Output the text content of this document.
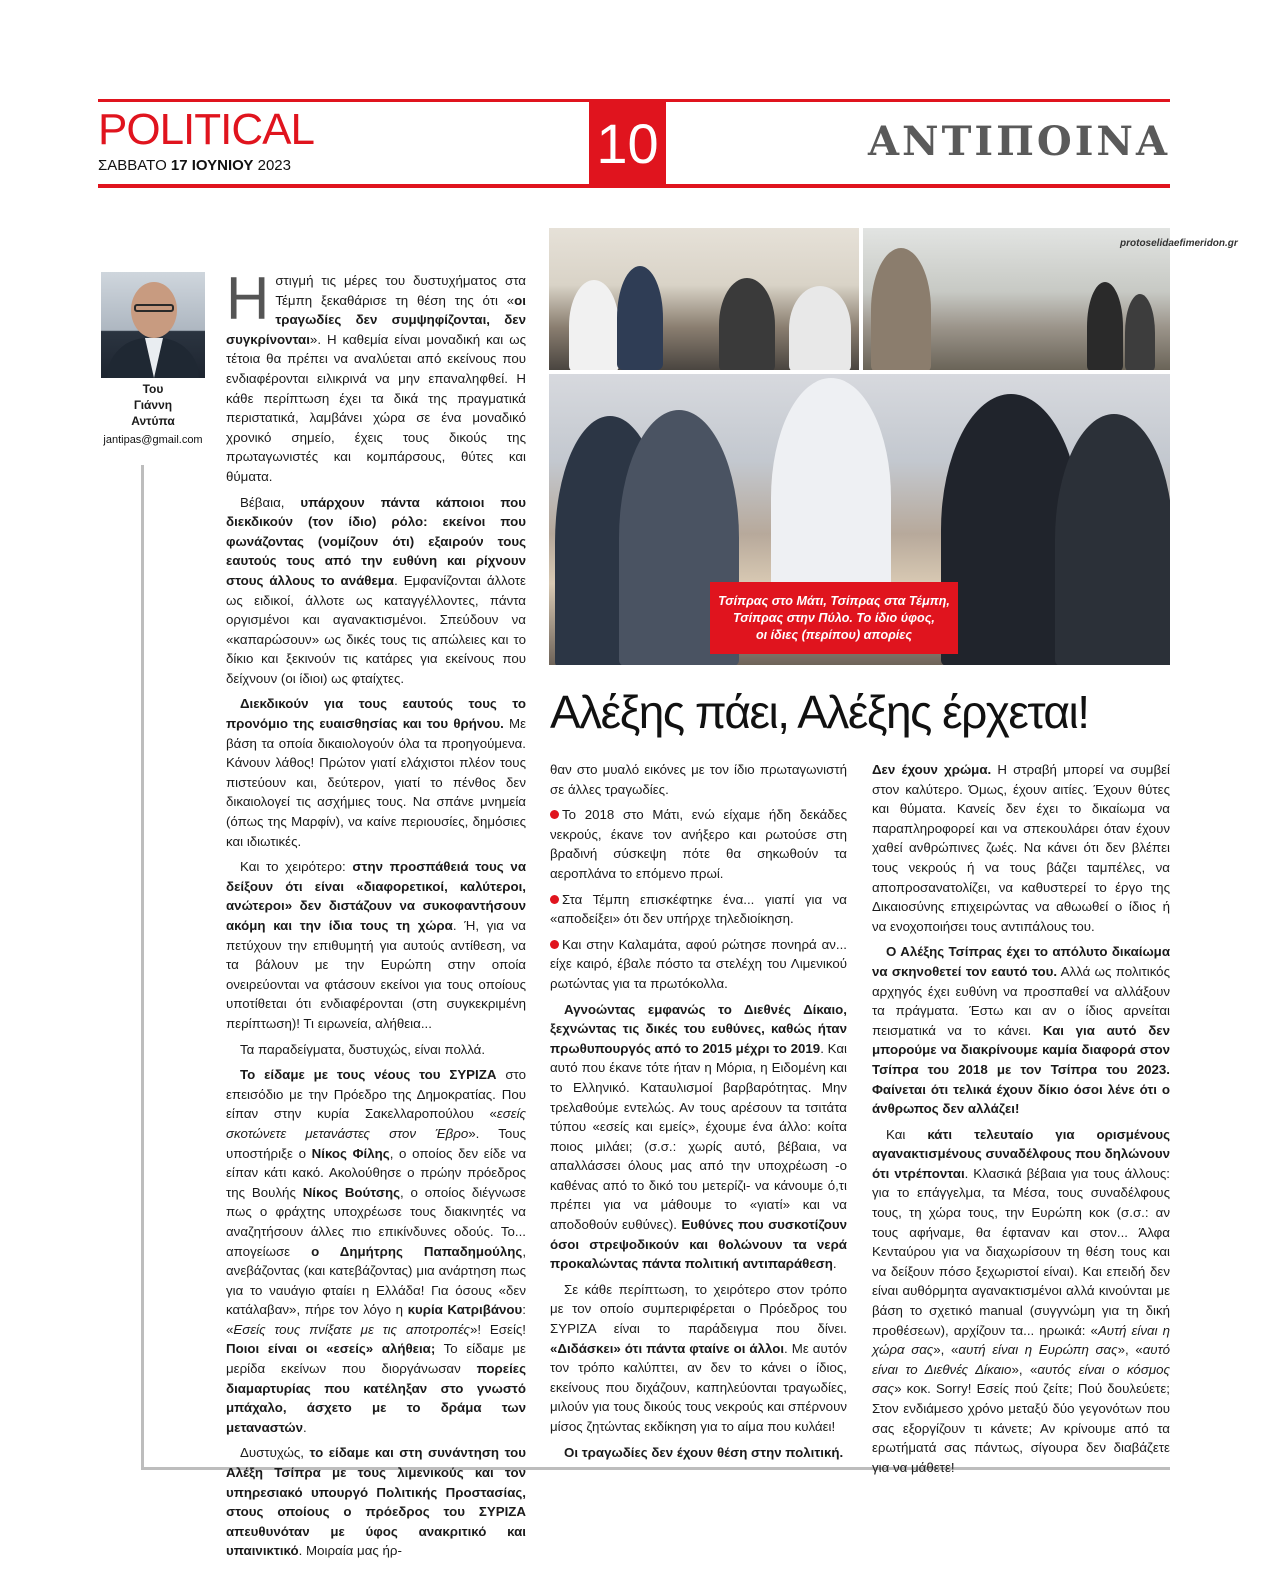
POLITICAL
ΣΑΒΒΑΤΟ 17 ΙΟΥΝΙΟΥ 2023	10	ΑΝΤΙΠΟΙΝΑ
Του
Γιάννη
Αντύπα
jantipas@gmail.com
protoselidaefimeridon.gr
Τσίπρας στο Μάτι, Τσίπρας στα Τέμπη,
Τσίπρας στην Πύλο. Το ίδιο ύφος,
οι ίδιες (περίπου) απορίες
Αλέξης πάει, Αλέξης έρχεται!

Ηστιγμή τις μέρες του δυστυχήματος στα Τέμπη ξεκαθάρισε τη θέση της ότι «οι τραγωδίες δεν συμψηφίζονται, δεν συγκρίνονται». Η καθεμία είναι μοναδική και ως τέτοια θα πρέπει να αναλύεται από εκείνους που ενδιαφέρονται ειλικρινά να μην επαναληφθεί. Η κάθε περίπτωση έχει τα δικά της πραγματικά περιστατικά, λαμβάνει χώρα σε ένα μοναδικό χρονικό σημείο, έχεις τους δικούς της πρωταγωνιστές και κομπάρσους, θύτες και θύματα.

Βέβαια, υπάρχουν πάντα κάποιοι που διεκδικούν (τον ίδιο) ρόλο: εκείνοι που φωνάζοντας (νομίζουν ότι) εξαιρούν τους εαυτούς τους από την ευθύνη και ρίχνουν στους άλλους το ανάθεμα. Εμφανίζονται άλλοτε ως ειδικοί, άλλοτε ως καταγγέλλοντες, πάντα οργισμένοι και αγανακτισμένοι. Σπεύδουν να «καπαρώσουν» ως δικές τους τις απώλειες και το δίκιο και ξεκινούν τις κατάρες για εκείνους που δείχνουν (οι ίδιοι) ως φταίχτες.

Διεκδικούν για τους εαυτούς τους το προνόμιο της ευαισθησίας και του θρήνου. Με βάση τα οποία δικαιολογούν όλα τα προηγούμενα. Κάνουν λάθος! Πρώτον γιατί ελάχιστοι πλέον τους πιστεύουν και, δεύτερον, γιατί το πένθος δεν δικαιολογεί τις ασχήμιες τους. Να σπάνε μνημεία (όπως της Μαρφίν), να καίνε περιουσίες, δημόσιες και ιδιωτικές.

Και το χειρότερο: στην προσπάθειά τους να δείξουν ότι είναι «διαφορετικοί, καλύτεροι, ανώτεροι» δεν διστάζουν να συκοφαντήσουν ακόμη και την ίδια τους τη χώρα. Ή, για να πετύχουν την επιθυμητή για αυτούς αντίθεση, να τα βάλουν με την Ευρώπη στην οποία ονειρεύονται να φτάσουν εκείνοι για τους οποίους υποτίθεται ότι ενδιαφέρονται (στη συγκεκριμένη περίπτωση)! Τι ειρωνεία, αλήθεια...

Τα παραδείγματα, δυστυχώς, είναι πολλά.

Το είδαμε με τους νέους του ΣΥΡΙΖΑ στο επεισόδιο με την Πρόεδρο της Δημοκρατίας. Που είπαν στην κυρία Σακελλαροπούλου «εσείς σκοτώνετε μετανάστες στον Έβρο». Τους υποστήριξε ο Νίκος Φίλης, ο οποίος δεν είδε να είπαν κάτι κακό. Ακολούθησε ο πρώην πρόεδρος της Βουλής Νίκος Βούτσης, ο οποίος διέγνωσε πως ο φράχτης υποχρέωσε τους διακινητές να αναζητήσουν άλλες πιο επικίνδυνες οδούς. Το... απογείωσε ο Δημήτρης Παπαδημούλης, ανεβάζοντας (και κατεβάζοντας) μια ανάρτηση πως για το ναυάγιο φταίει η Ελλάδα! Για όσους «δεν κατάλαβαν», πήρε τον λόγο η κυρία Κατριβάνου: «Εσείς τους πνίξατε με τις αποτροπές»! Εσείς! Ποιοι είναι οι «εσείς» αλήθεια; Το είδαμε με μερίδα εκείνων που διοργάνωσαν πορείες διαμαρτυρίας που κατέληξαν στο γνωστό μπάχαλο, άσχετο με το δράμα των μεταναστών.

Δυστυχώς, το είδαμε και στη συνάντηση του Αλέξη Τσίπρα με τους λιμενικούς και τον υπηρεσιακό υπουργό Πολιτικής Προστασίας, στους οποίους ο πρόεδρος του ΣΥΡΙΖΑ απευθυνόταν με ύφος ανακριτικό και υπαινικτικό. Μοιραία μας ήρ-

θαν στο μυαλό εικόνες με τον ίδιο πρωταγωνιστή σε άλλες τραγωδίες.

Το 2018 στο Μάτι, ενώ είχαμε ήδη δεκάδες νεκρούς, έκανε τον ανήξερο και ρωτούσε στη βραδινή σύσκεψη πότε θα σηκωθούν τα αεροπλάνα το επόμενο πρωί.

Στα Τέμπη επισκέφτηκε ένα... γιαπί για να «αποδείξει» ότι δεν υπήρχε τηλεδιοίκηση.

Και στην Καλαμάτα, αφού ρώτησε πονηρά αν... είχε καιρό, έβαλε πόστο τα στελέχη του Λιμενικού ρωτώντας για τα πρωτόκολλα.

Αγνοώντας εμφανώς το Διεθνές Δίκαιο, ξεχνώντας τις δικές του ευθύνες, καθώς ήταν πρωθυπουργός από το 2015 μέχρι το 2019. Και αυτό που έκανε τότε ήταν η Μόρια, η Ειδομένη και το Ελληνικό. Καταυλισμοί βαρβαρότητας. Μην τρελαθούμε εντελώς. Αν τους αρέσουν τα τσιτάτα τύπου «εσείς και εμείς», έχουμε ένα άλλο: κοίτα ποιος μιλάει; (σ.σ.: χωρίς αυτό, βέβαια, να απαλλάσσει όλους μας από την υποχρέωση -ο καθένας από το δικό του μετερίζι- να κάνουμε ό,τι πρέπει για να μάθουμε το «γιατί» και να αποδοθούν ευθύνες). Ευθύνες που συσκοτίζουν όσοι στρεψοδικούν και θολώνουν τα νερά προκαλώντας πάντα πολιτική αντιπαράθεση.

Σε κάθε περίπτωση, το χειρότερο στον τρόπο με τον οποίο συμπεριφέρεται ο Πρόεδρος του ΣΥΡΙΖΑ είναι το παράδειγμα που δίνει. «Διδάσκει» ότι πάντα φταίνε οι άλλοι. Με αυτόν τον τρόπο καλύπτει, αν δεν το κάνει ο ίδιος, εκείνους που διχάζουν, καπηλεύονται τραγωδίες, μιλούν για τους δικούς τους νεκρούς και σπέρνουν μίσος ζητώντας εκδίκηση για το αίμα που κυλάει!

Οι τραγωδίες δεν έχουν θέση στην πολιτική.

Δεν έχουν χρώμα. Η στραβή μπορεί να συμβεί στον καλύτερο. Όμως, έχουν αιτίες. Έχουν θύτες και θύματα. Κανείς δεν έχει το δικαίωμα να παραπληροφορεί και να σπεκουλάρει όταν έχουν χαθεί ανθρώπινες ζωές. Να κάνει ότι δεν βλέπει τους νεκρούς ή να τους βάζει ταμπέλες, να αποπροσανατολίζει, να καθυστερεί το έργο της Δικαιοσύνης επιχειρώντας να αθωωθεί ο ίδιος ή να ενοχοποιήσει τους αντιπάλους του.

Ο Αλέξης Τσίπρας έχει το απόλυτο δικαίωμα να σκηνοθετεί τον εαυτό του. Αλλά ως πολιτικός αρχηγός έχει ευθύνη να προσπαθεί να αλλάξουν τα πράγματα. Έστω και αν ο ίδιος αρνείται πεισματικά να το κάνει. Και για αυτό δεν μπορούμε να διακρίνουμε καμία διαφορά στον Τσίπρα του 2018 με τον Τσίπρα του 2023. Φαίνεται ότι τελικά έχουν δίκιο όσοι λένε ότι ο άνθρωπος δεν αλλάζει!

Και κάτι τελευταίο για ορισμένους αγανακτισμένους συναδέλφους που δηλώνουν ότι ντρέπονται. Κλασικά βέβαια για τους άλλους: για το επάγγελμα, τα Μέσα, τους συναδέλφους τους, τη χώρα τους, την Ευρώπη κοκ (σ.σ.: αν τους αφήναμε, θα έφταναν και στον... Άλφα Κενταύρου για να διαχωρίσουν τη θέση τους και να δείξουν πόσο ξεχωριστοί είναι). Και επειδή δεν είναι αυθόρμητα αγανακτισμένοι αλλά κινούνται με βάση το σχετικό manual (συγγνώμη για τη δική προθέσεων), αρχίζουν τα... ηρωικά: «Αυτή είναι η χώρα σας», «αυτή είναι η Ευρώπη σας», «αυτό είναι το Διεθνές Δίκαιο», «αυτός είναι ο κόσμος σας» κοκ. Sorry! Εσείς πού ζείτε; Πού δουλεύετε; Στον ενδιάμεσο χρόνο μεταξύ δύο γεγονότων που σας εξοργίζουν τι κάνετε; Αν κρίνουμε από τα ερωτήματά σας πάντως, σίγουρα δεν διαβάζετε για να μάθετε!
